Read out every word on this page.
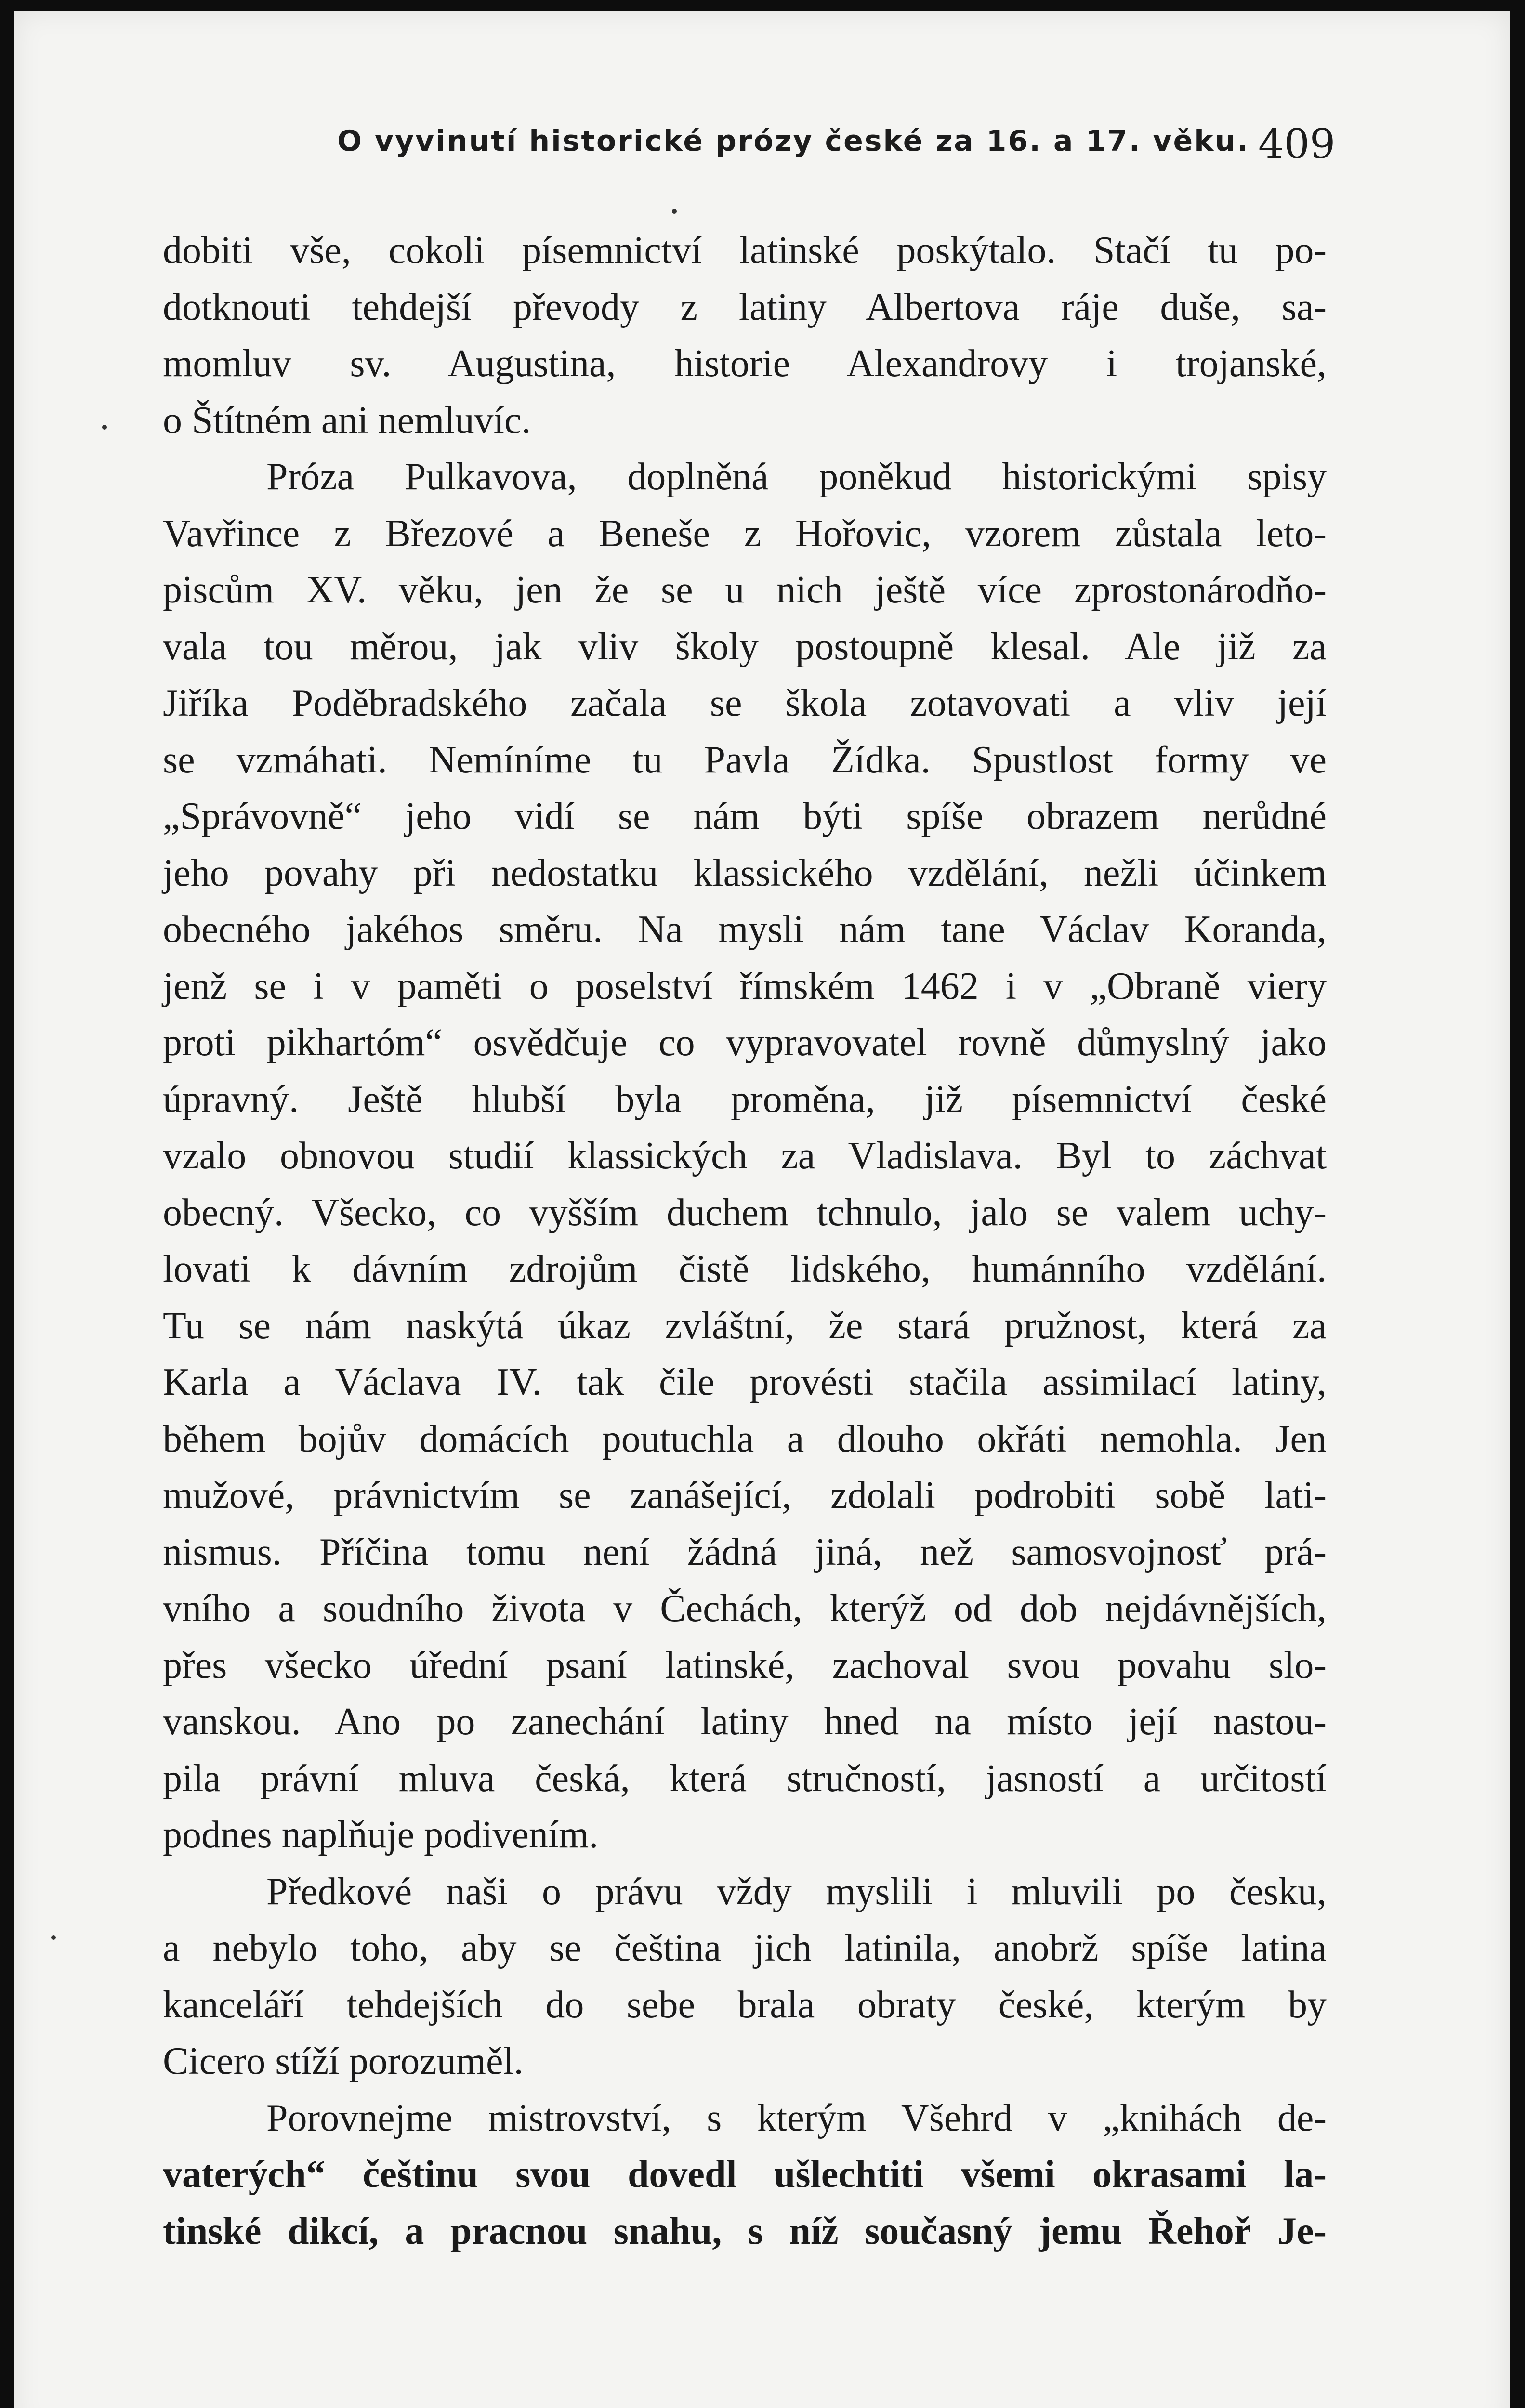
O vyvinutí historické prózy české za 16. a 17. věku. 409
dobiti vše, cokoli písemnictví latinské poskýtalo. Stačí tu po-
dotknouti tehdejší převody z latiny Albertova ráje duše, sa-
momluv sv. Augustina, historie Alexandrovy i trojanské,
o Štítném ani nemluvíc.
Próza Pulkavova, doplněná poněkud historickými spisy
Vavřince z Březové a Beneše z Hořovic, vzorem zůstala leto-
piscům XV. věku, jen že se u nich ještě více zprostonárodňo-
vala tou měrou, jak vliv školy postoupně klesal. Ale již za
Jiříka Poděbradského začala se škola zotavovati a vliv její
se vzmáhati. Nemíníme tu Pavla Žídka. Spustlost formy ve
„Správovně“ jeho vidí se nám býti spíše obrazem nerůdné
jeho povahy při nedostatku klassického vzdělání, nežli účinkem
obecného jakéhos směru. Na mysli nám tane Václav Koranda,
jenž se i v paměti o poselství římském 1462 i v „Obraně viery
proti pikhartóm“ osvědčuje co vypravovatel rovně důmyslný jako
úpravný. Ještě hlubší byla proměna, již písemnictví české
vzalo obnovou studií klassických za Vladislava. Byl to záchvat
obecný. Všecko, co vyšším duchem tchnulo, jalo se valem uchy-
lovati k dávním zdrojům čistě lidského, humánního vzdělání.
Tu se nám naskýtá úkaz zvláštní, že stará pružnost, která za
Karla a Václava IV. tak čile provésti stačila assimilací latiny,
během bojův domácích poutuchla a dlouho okřáti nemohla. Jen
mužové, právnictvím se zanášející, zdolali podrobiti sobě lati-
nismus. Příčina tomu není žádná jiná, než samosvojnosť prá-
vního a soudního života v Čechách, kterýž od dob nejdávnějších,
přes všecko úřední psaní latinské, zachoval svou povahu slo-
vanskou. Ano po zanechání latiny hned na místo její nastou-
pila právní mluva česká, která stručností, jasností a určitostí
podnes naplňuje podivením.
Předkové naši o právu vždy myslili i mluvili po česku,
a nebylo toho, aby se čeština jich latinila, anobrž spíše latina
kanceláří tehdejších do sebe brala obraty české, kterým by
Cicero stíží porozuměl.
Porovnejme mistrovství, s kterým Všehrd v „knihách de-
vaterých“ češtinu svou dovedl ušlechtiti všemi okrasami la-
tinské dikcí, a pracnou snahu, s níž současný jemu Řehoř Je-
